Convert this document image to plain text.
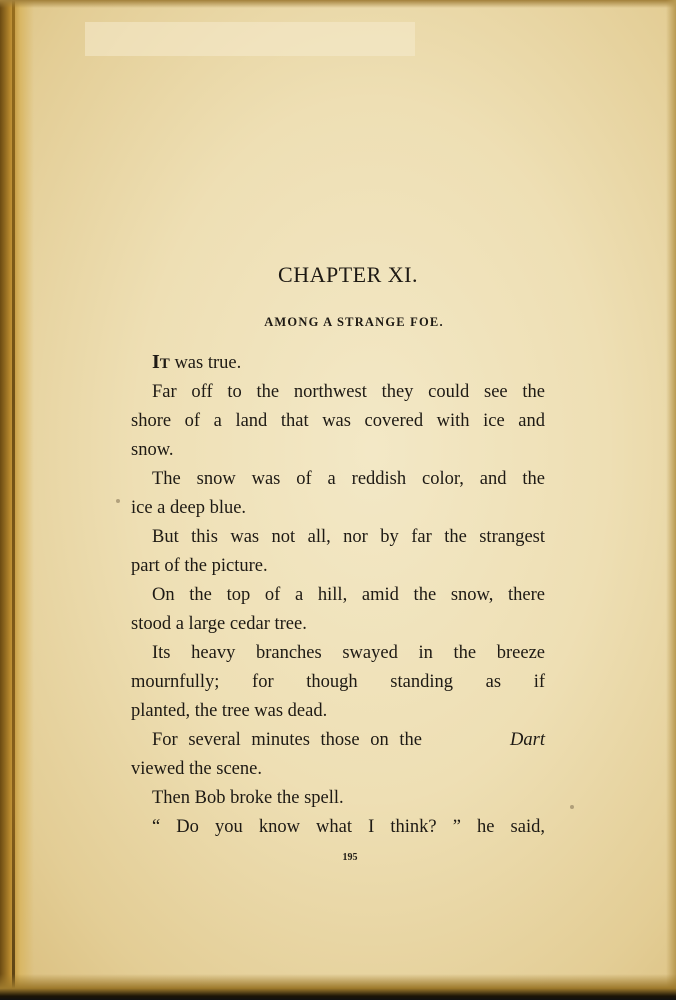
CHAPTER XI.
AMONG A STRANGE FOE.
IT was true.
Far off to the northwest they could see the
shore of a land that was covered with ice and
snow.
The snow was of a reddish color, and the
ice a deep blue.
But this was not all, nor by far the strangest
part of the picture.
On the top of a hill, amid the snow, there
stood a large cedar tree.
Its heavy branches swayed in the breeze
mournfully; for though standing as if
planted, the tree was dead.
For several minutes those on the	Dart
viewed the scene.
Then Bob broke the spell.
“ Do you know what I think? ” he said,
195
